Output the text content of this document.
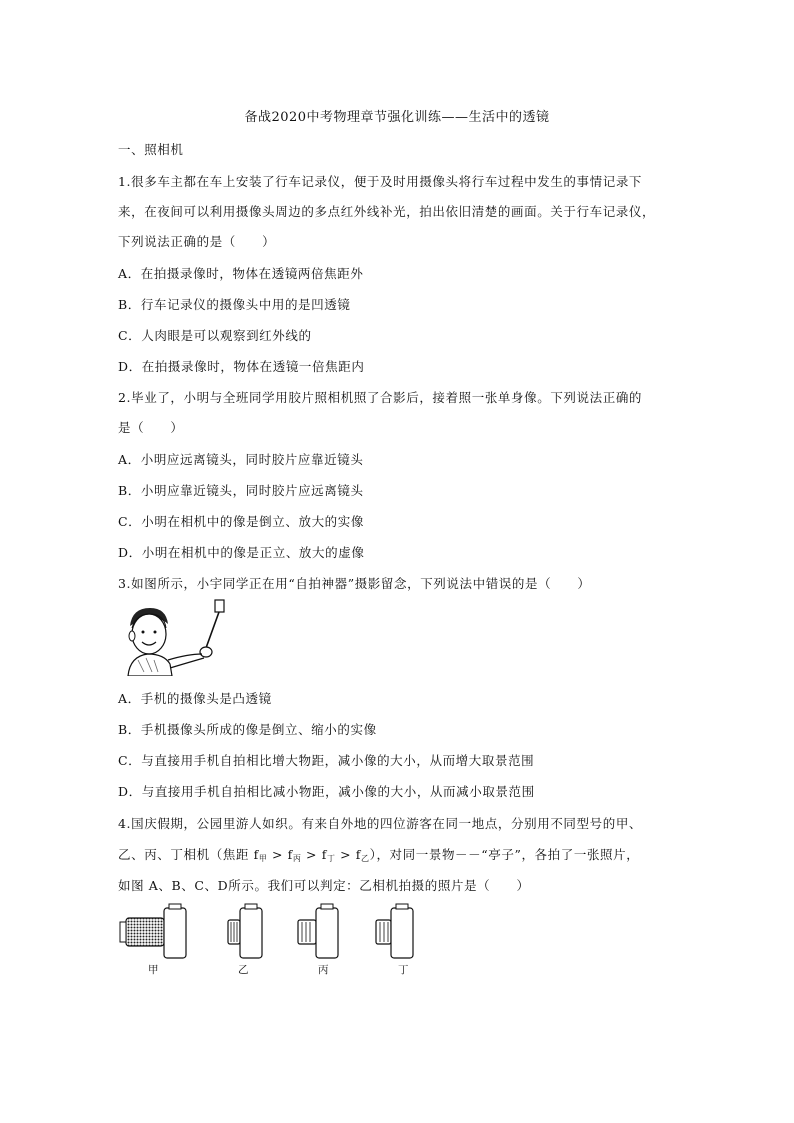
备战2020中考物理章节强化训练——生活中的透镜
一、照相机
1.很多车主都在车上安装了行车记录仪，便于及时用摄像头将行车过程中发生的事情记录下
来，在夜间可以利用摄像头周边的多点红外线补光，拍出依旧清楚的画面。关于行车记录仪，
下列说法正确的是（　　）
A．在拍摄录像时，物体在透镜两倍焦距外
B．行车记录仪的摄像头中用的是凹透镜
C．人肉眼是可以观察到红外线的
D．在拍摄录像时，物体在透镜一倍焦距内
2.毕业了，小明与全班同学用胶片照相机照了合影后，接着照一张单身像。下列说法正确的
是（　　）
A．小明应远离镜头，同时胶片应靠近镜头
B．小明应靠近镜头，同时胶片应远离镜头
C．小明在相机中的像是倒立、放大的实像
D．小明在相机中的像是正立、放大的虚像
3.如图所示，小宇同学正在用“自拍神器”摄影留念，下列说法中错误的是（　　）
A．手机的摄像头是凸透镜
B．手机摄像头所成的像是倒立、缩小的实像
C．与直接用手机自拍相比增大物距，减小像的大小，从而增大取景范围
D．与直接用手机自拍相比减小物距，减小像的大小，从而减小取景范围
4.国庆假期，公园里游人如织。有来自外地的四位游客在同一地点，分别用不同型号的甲、
乙、丙、丁相机（焦距 $f_甲 > f_丙 > f_丁 > f_乙$），对同一景物－－“亭子”，各拍了一张照片，
如图 A、B、C、D所示。我们可以判定：乙相机拍摄的照片是（　　）
甲	乙	丙	丁
